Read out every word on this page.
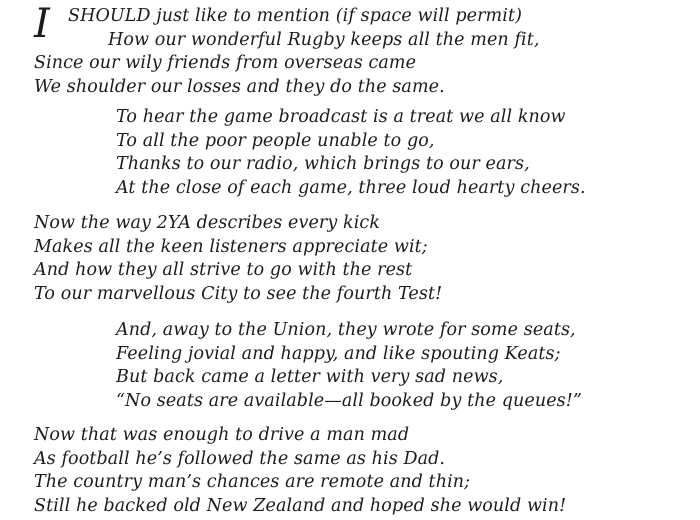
I SHOULD just like to mention (if space will permit)
How our wonderful Rugby keeps all the men fit,
Since our wily friends from overseas came
We shoulder our losses and they do the same.
To hear the game broadcast is a treat we all know
To all the poor people unable to go,
Thanks to our radio, which brings to our ears,
At the close of each game, three loud hearty cheers.
Now the way 2YA describes every kick
Makes all the keen listeners appreciate wit;
And how they all strive to go with the rest
To our marvellous City to see the fourth Test!
And, away to the Union, they wrote for some seats,
Feeling jovial and happy, and like spouting Keats;
But back came a letter with very sad news,
“No seats are available—all booked by the queues!”
Now that was enough to drive a man mad
As football he’s followed the same as his Dad.
The country man’s chances are remote and thin;
Still he backed old New Zealand and hoped she would win!
